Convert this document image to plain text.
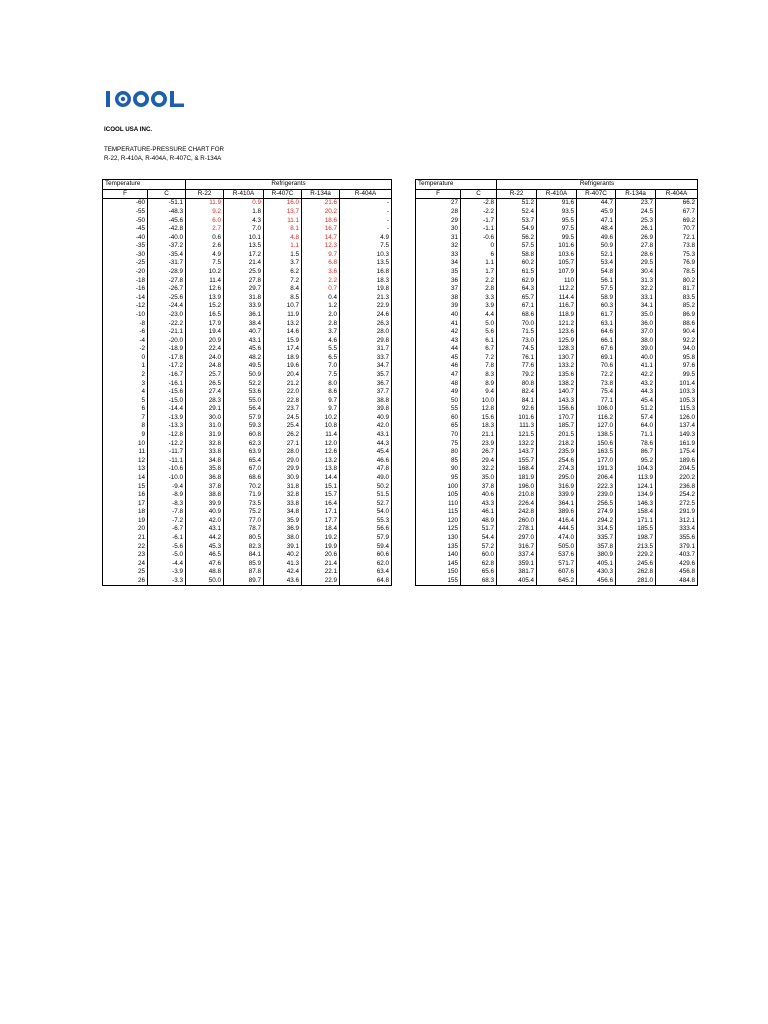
ICOOL USA INC.
TEMPERATURE-PRESSURE CHART FOR
R-22, R-410A, R-404A, R-407C, & R-134A
Temperature		Refrigerants				
F	C	R-22	R-410A	R-407C	R-134a	R-404A
-60	-51.1	11.9	0.9	16.0	21.6	-
-55	-48.3	9.2	1.8	13.7	20.2	-
-50	-45.6	6.0	4.3	11.1	18.6	-
-45	-42.8	2.7	7.0	8.1	16.7	-
-40	-40.0	0.6	10.1	4.8	14.7	4.9
-35	-37.2	2.6	13.5	1.1	12.3	7.5
-30	-35.4	4.9	17.2	1.5	9.7	10.3
-25	-31.7	7.5	21.4	3.7	6.8	13.5
-20	-28.9	10.2	25.9	6.2	3.6	16.8
-18	-27.8	11.4	27.8	7.2	2.2	18.3
-16	-26.7	12.6	29.7	8.4	0.7	19.8
-14	-25.6	13.9	31.8	8.5	0.4	21.3
-12	-24.4	15.2	33.9	10.7	1.2	22.9
-10	-23.0	16.5	36.1	11.9	2.0	24.6
-8	-22.2	17.9	38.4	13.2	2.8	26.3
-6	-21.1	19.4	40.7	14.6	3.7	28.0
-4	-20.0	20.9	43.1	15.9	4.6	29.8
-2	-18.9	22.4	45.6	17.4	5.5	31.7
0	-17.8	24.0	48.2	18.9	6.5	33.7
1	-17.2	24.8	49.5	19.6	7.0	34.7
2	-16.7	25.7	50.9	20.4	7.5	35.7
3	-16.1	26.5	52.2	21.2	8.0	36.7
4	-15.6	27.4	53.6	22.0	8.6	37.7
5	-15.0	28.3	55.0	22.8	9.7	38.8
6	-14.4	29.1	56.4	23.7	9.7	39.8
7	-13.9	30.0	57.9	24.5	10.2	40.9
8	-13.3	31.0	59.3	25.4	10.8	42.0
9	-12.8	31.9	60.8	26.2	11.4	43.1
10	-12.2	32.8	62.3	27.1	12.0	44.3
11	-11.7	33.8	63.9	28.0	12.6	45.4
12	-11.1	34.8	65.4	29.0	13.2	46.6
13	-10.6	35.8	67.0	29.9	13.8	47.8
14	-10.0	36.8	68.6	30.9	14.4	49.0
15	-9.4	37.8	70.2	31.8	15.1	50.2
16	-8.9	38.8	71.9	32.8	15.7	51.5
17	-8.3	39.9	73.5	33.8	16.4	52.7
18	-7.8	40.9	75.2	34.8	17.1	54.0
19	-7.2	42.0	77.0	35.9	17.7	55.3
20	-6.7	43.1	78.7	36.9	18.4	56.6
21	-6.1	44.2	80.5	38.0	19.2	57.9
22	-5.6	45.3	82.3	39.1	19.9	59.4
23	-5.0	46.5	84.1	40.2	20.6	60.6
24	-4.4	47.6	85.9	41.3	21.4	62.0
25	-3.9	48.8	87.8	42.4	22.1	63.4
26	-3.3	50.0	89.7	43.6	22.9	64.8
Temperature		Refrigerants				
F	C	R-22	R-410A	R-407C	R-134a	R-404A
27	-2.8	51.2	91.6	44.7	23.7	66.2
28	-2.2	52.4	93.5	45.9	24.5	67.7
29	-1.7	53.7	95.5	47.1	25.3	69.2
30	-1.1	54.9	97.5	48.4	26.1	70.7
31	-0.6	56.2	99.5	49.6	26.9	72.1
32	0	57.5	101.6	50.9	27.8	73.8
33	6	58.8	103.6	52.1	28.6	75.3
34	1.1	60.2	105.7	53.4	29.5	76.9
35	1.7	61.5	107.9	54.8	30.4	78.5
36	2.2	62.9	110	56.1	31.3	80.2
37	2.8	64.3	112.2	57.5	32.2	81.7
38	3.3	65.7	114.4	58.9	33.1	83.5
39	3.9	67.1	116.7	60.3	34.1	85.2
40	4.4	68.6	118.9	61.7	35.0	86.9
41	5.0	70.0	121.2	63.1	36.0	88.6
42	5.6	71.5	123.6	64.6	37.0	90.4
43	6.1	73.0	125.9	66.1	38.0	92.2
44	6.7	74.5	128.3	67.6	39.0	94.0
45	7.2	76.1	130.7	69.1	40.0	95.8
46	7.8	77.6	133.2	70.6	41.1	97.6
47	8.3	79.2	135.6	72.2	42.2	99.5
48	8.9	80.8	138.2	73.8	43.2	101.4
49	9.4	82.4	140.7	75.4	44.3	103.3
50	10.0	84.1	143.3	77.1	45.4	105.3
55	12.8	92.6	156.6	106.0	51.2	115.3
60	15.6	101.6	170.7	116.2	57.4	126.0
65	18.3	111.3	185.7	127.0	64.0	137.4
70	21.1	121.5	201.5	138.5	71.1	149.3
75	23.9	132.2	218.2	150.6	78.6	161.9
80	26.7	143.7	235.9	163.5	86.7	175.4
85	29.4	155.7	254.6	177.0	95.2	189.6
90	32.2	168.4	274.3	191.3	104.3	204.5
95	35.0	181.9	295.0	206.4	113.9	220.2
100	37.8	196.0	316.9	222.3	124.1	236.8
105	40.6	210.8	339.9	239.0	134.9	254.2
110	43.3	226.4	364.1	256.5	146.3	272.5
115	46.1	242.8	389.6	274.9	158.4	291.9
120	48.9	260.0	416.4	294.2	171.1	312.1
125	51.7	278.1	444.5	314.5	185.5	333.4
130	54.4	297.0	474.0	335.7	198.7	355.6
135	57.2	316.7	505.0	357.8	213.5	379.1
140	60.0	337.4	537.6	380.9	229.2	403.7
145	62.8	359.1	571.7	405.1	245.6	429.6
150	65.6	381.7	607.6	430.3	262.8	456.8
155	68.3	405.4	645.2	456.6	281.0	484.8
